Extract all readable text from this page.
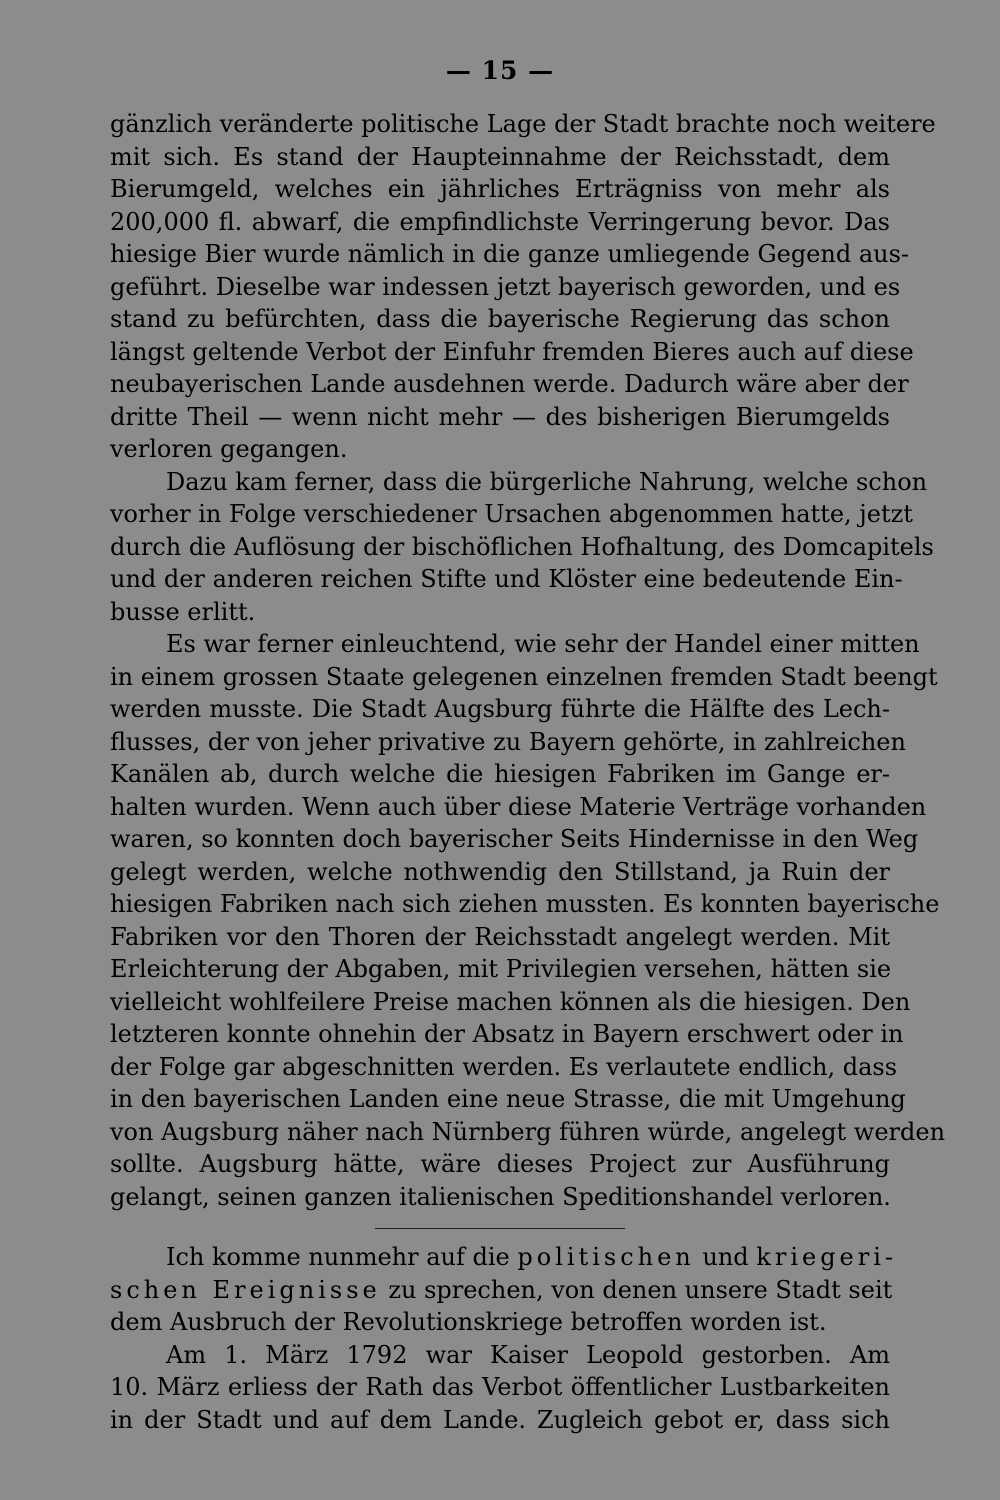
— 15 —
gänzlich veränderte politische Lage der Stadt brachte noch weitere
mit sich. Es stand der Haupteinnahme der Reichsstadt, dem
Bierumgeld, welches ein jährliches Erträgniss von mehr als
200,000 fl. abwarf, die empfindlichste Verringerung bevor. Das
hiesige Bier wurde nämlich in die ganze umliegende Gegend aus-
geführt. Dieselbe war indessen jetzt bayerisch geworden, und es
stand zu befürchten, dass die bayerische Regierung das schon
längst geltende Verbot der Einfuhr fremden Bieres auch auf diese
neubayerischen Lande ausdehnen werde. Dadurch wäre aber der
dritte Theil — wenn nicht mehr — des bisherigen Bierumgelds
verloren gegangen.
Dazu kam ferner, dass die bürgerliche Nahrung, welche schon
vorher in Folge verschiedener Ursachen abgenommen hatte, jetzt
durch die Auflösung der bischöflichen Hofhaltung, des Domcapitels
und der anderen reichen Stifte und Klöster eine bedeutende Ein-
busse erlitt.
Es war ferner einleuchtend, wie sehr der Handel einer mitten
in einem grossen Staate gelegenen einzelnen fremden Stadt beengt
werden musste. Die Stadt Augsburg führte die Hälfte des Lech-
flusses, der von jeher privative zu Bayern gehörte, in zahlreichen
Kanälen ab, durch welche die hiesigen Fabriken im Gange er-
halten wurden. Wenn auch über diese Materie Verträge vorhanden
waren, so konnten doch bayerischer Seits Hindernisse in den Weg
gelegt werden, welche nothwendig den Stillstand, ja Ruin der
hiesigen Fabriken nach sich ziehen mussten. Es konnten bayerische
Fabriken vor den Thoren der Reichsstadt angelegt werden. Mit
Erleichterung der Abgaben, mit Privilegien versehen, hätten sie
vielleicht wohlfeilere Preise machen können als die hiesigen. Den
letzteren konnte ohnehin der Absatz in Bayern erschwert oder in
der Folge gar abgeschnitten werden. Es verlautete endlich, dass
in den bayerischen Landen eine neue Strasse, die mit Umgehung
von Augsburg näher nach Nürnberg führen würde, angelegt werden
sollte. Augsburg hätte, wäre dieses Project zur Ausführung
gelangt, seinen ganzen italienischen Speditionshandel verloren.
Ich komme nunmehr auf die politischen und kriegeri-
schen Ereignisse zu sprechen, von denen unsere Stadt seit
dem Ausbruch der Revolutionskriege betroffen worden ist.
Am 1. März 1792 war Kaiser Leopold gestorben. Am
10. März erliess der Rath das Verbot öffentlicher Lustbarkeiten
in der Stadt und auf dem Lande. Zugleich gebot er, dass sich
